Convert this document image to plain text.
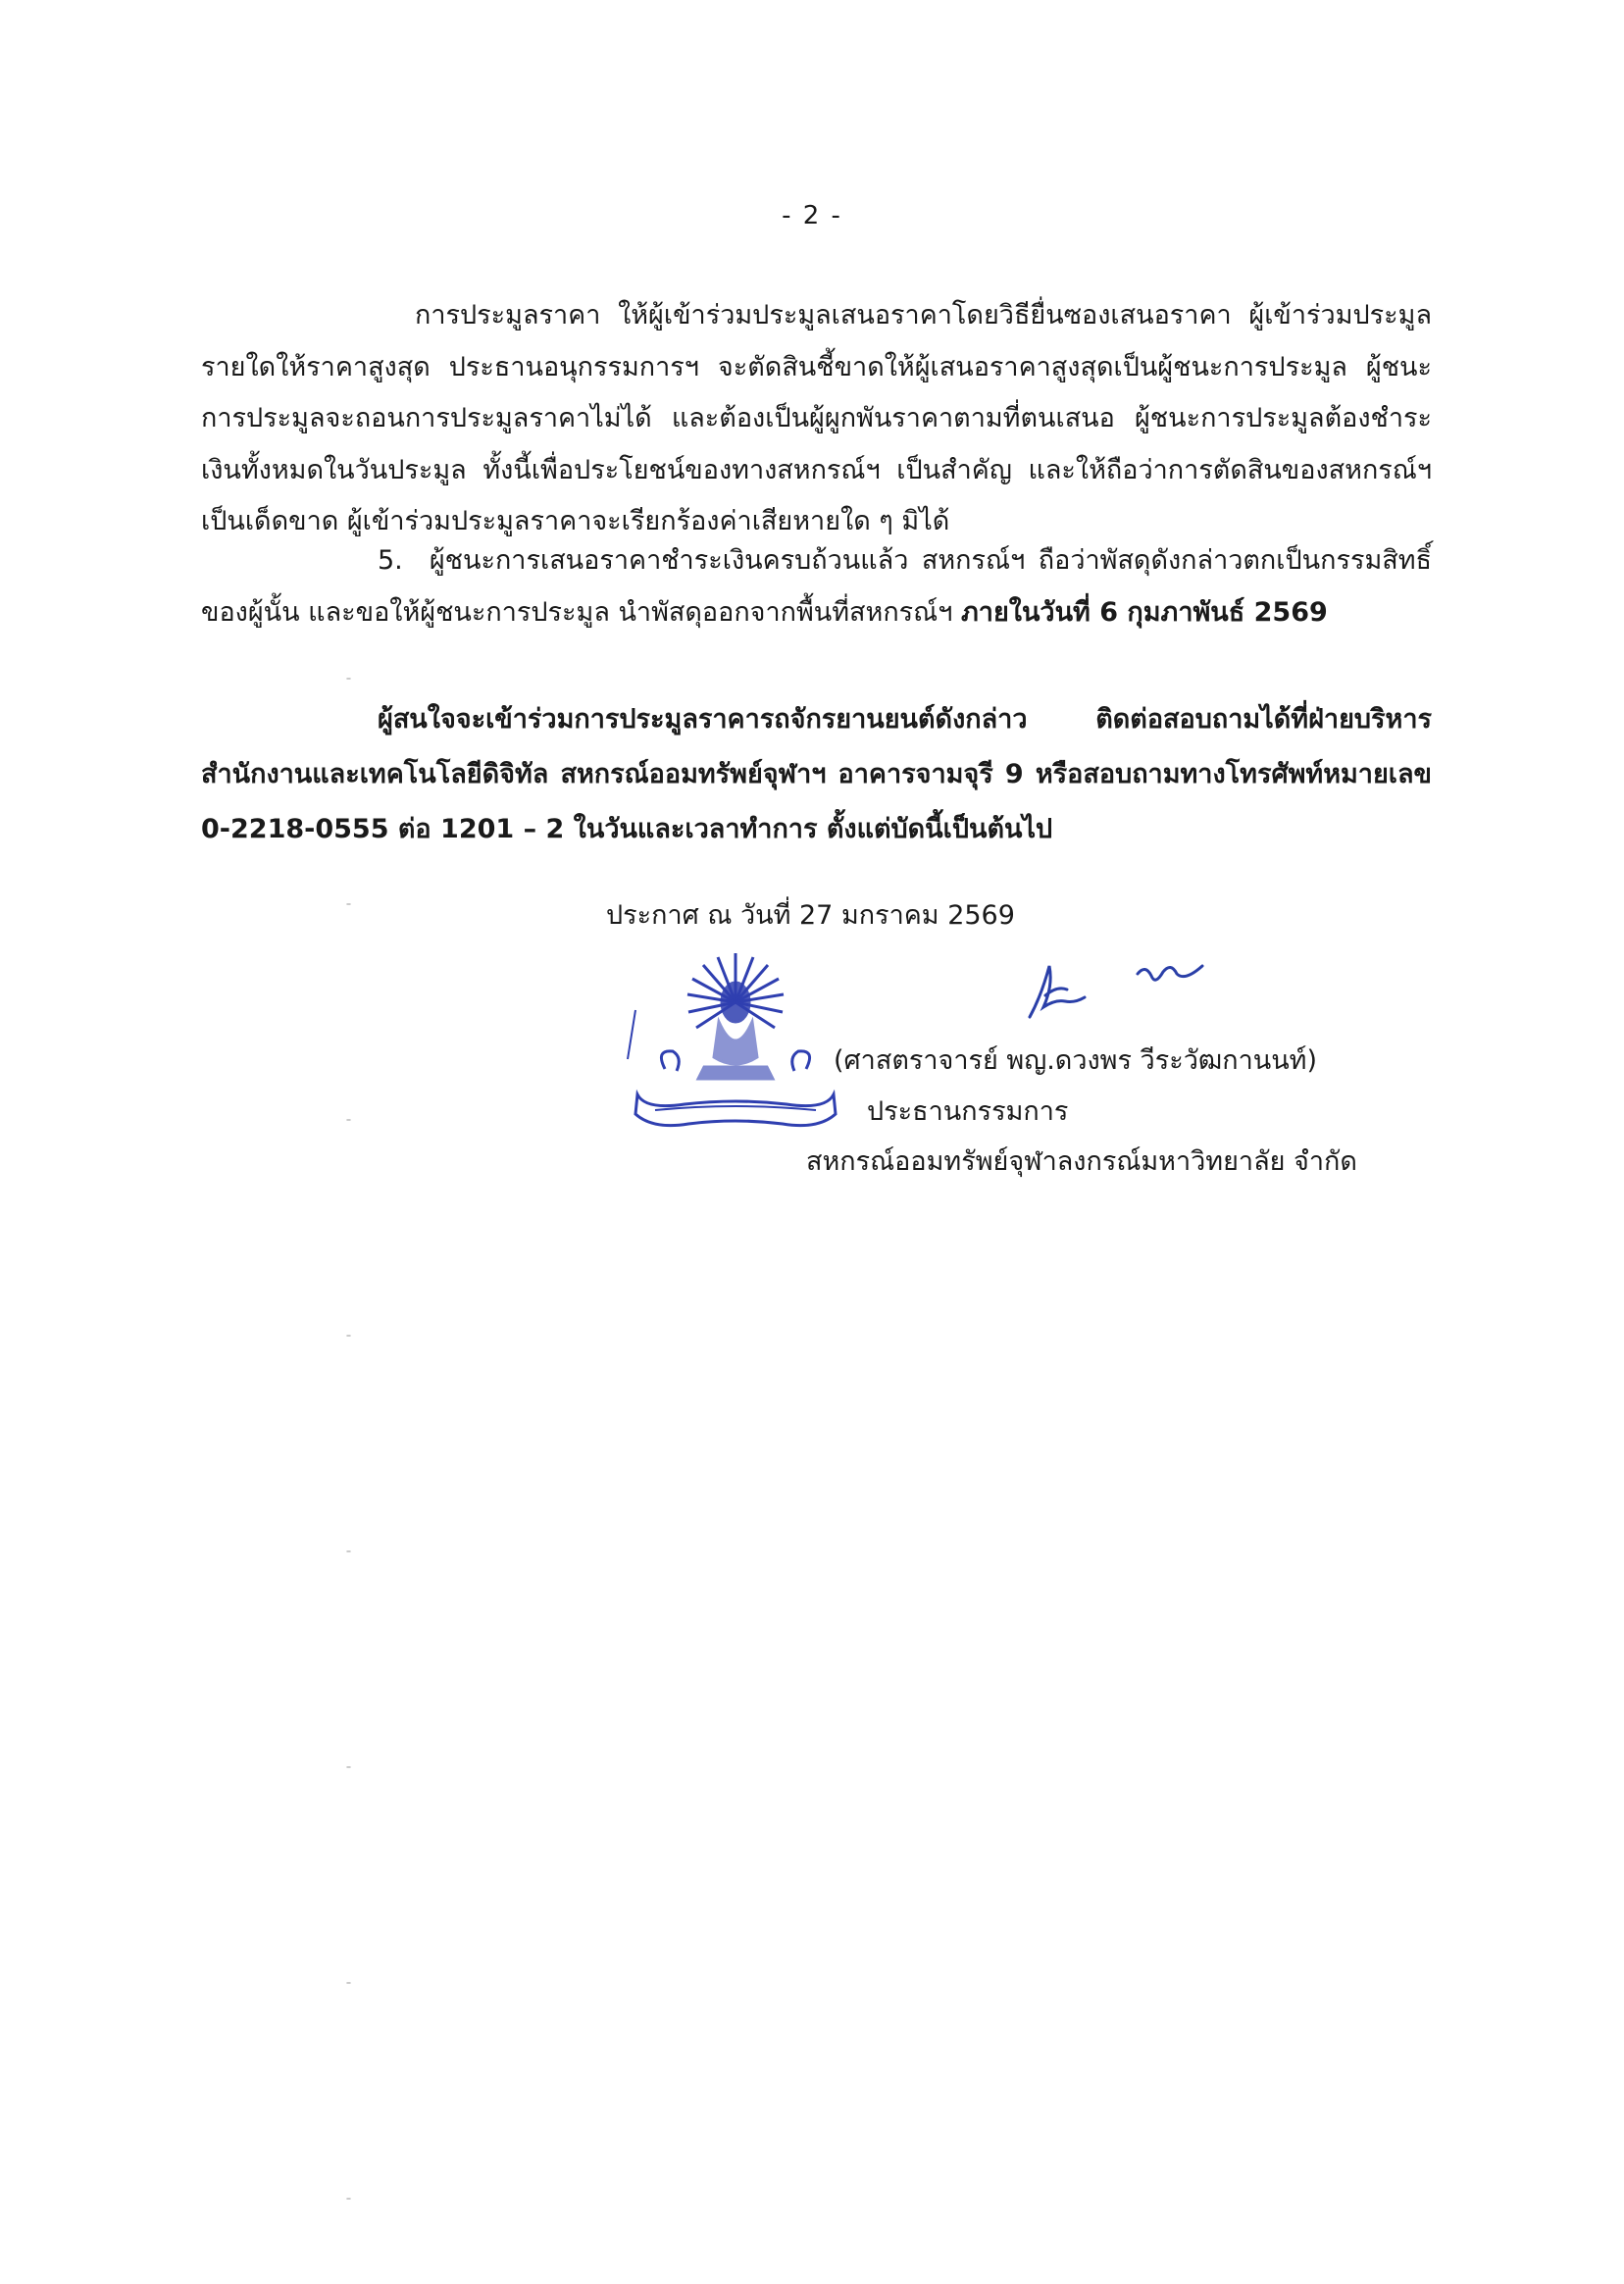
- 2 -
การประมูลราคา ให้ผู้เข้าร่วมประมูลเสนอราคาโดยวิธียื่นซองเสนอราคา ผู้เข้าร่วมประมูลรายใดให้ราคาสูงสุด ประธานอนุกรรมการฯ จะตัดสินชี้ขาดให้ผู้เสนอราคาสูงสุดเป็นผู้ชนะการประมูล ผู้ชนะการประมูลจะถอนการประมูลราคาไม่ได้ และต้องเป็นผู้ผูกพันราคาตามที่ตนเสนอ ผู้ชนะการประมูลต้องชำระเงินทั้งหมดในวันประมูล ทั้งนี้เพื่อประโยชน์ของทางสหกรณ์ฯ เป็นสำคัญ และให้ถือว่าการตัดสินของสหกรณ์ฯ เป็นเด็ดขาด ผู้เข้าร่วมประมูลราคาจะเรียกร้องค่าเสียหายใด ๆ มิได้
5. ผู้ชนะการเสนอราคาชำระเงินครบถ้วนแล้ว สหกรณ์ฯ ถือว่าพัสดุดังกล่าวตกเป็นกรรมสิทธิ์ของผู้นั้น และขอให้ผู้ชนะการประมูล นำพัสดุออกจากพื้นที่สหกรณ์ฯ ภายในวันที่ 6 กุมภาพันธ์ 2569
ผู้สนใจจะเข้าร่วมการประมูลราคารถจักรยานยนต์ดังกล่าว ติดต่อสอบถามได้ที่ฝ่ายบริหารสำนักงานและเทคโนโลยีดิจิทัล สหกรณ์ออมทรัพย์จุฬาฯ อาคารจามจุรี 9 หรือสอบถามทางโทรศัพท์หมายเลข 0-2218-0555 ต่อ 1201 – 2 ในวันและเวลาทำการ ตั้งแต่บัดนี้เป็นต้นไป
ประกาศ ณ วันที่ 27 มกราคม 2569
(ศาสตราจารย์ พญ.ดวงพร วีระวัฒกานนท์)
ประธานกรรมการ
สหกรณ์ออมทรัพย์จุฬาลงกรณ์มหาวิทยาลัย จำกัด
ˉ
ˉ
ˉ
ˉ
ˉ
ˉ
ˉ
ˉ
